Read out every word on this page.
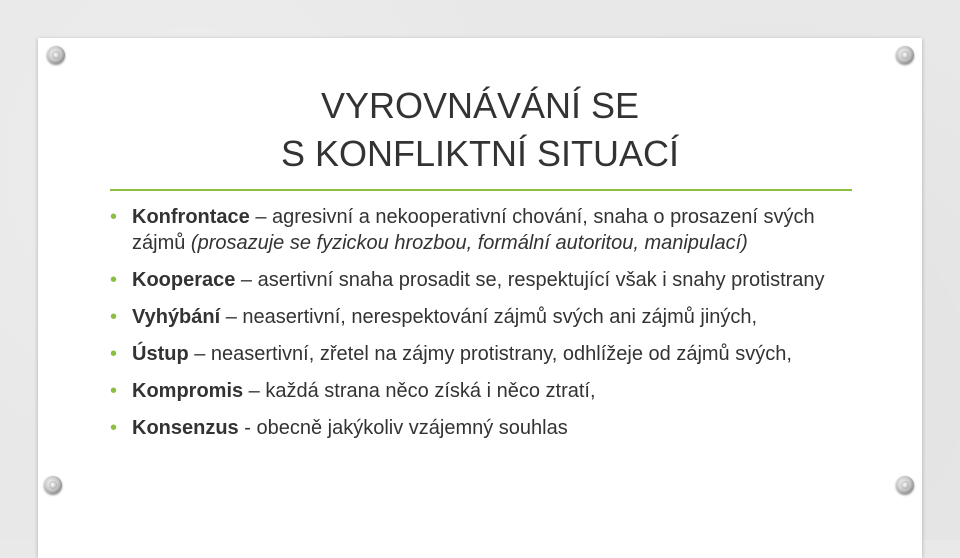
VYROVNÁVÁNÍ SE
S KONFLIKTNÍ SITUACÍ
• Konfrontace – agresivní a nekooperativní chování, snaha o prosazení svých zájmů (prosazuje se fyzickou hrozbou, formální autoritou, manipulací)
• Kooperace – asertivní snaha prosadit se, respektující však i snahy protistrany
• Vyhýbání – neasertivní, nerespektování zájmů svých ani zájmů jiných,
• Ústup – neasertivní, zřetel na zájmy protistrany, odhlížeje od zájmů svých,
• Kompromis – každá strana něco získá i něco ztratí,
• Konsenzus - obecně jakýkoliv vzájemný souhlas
